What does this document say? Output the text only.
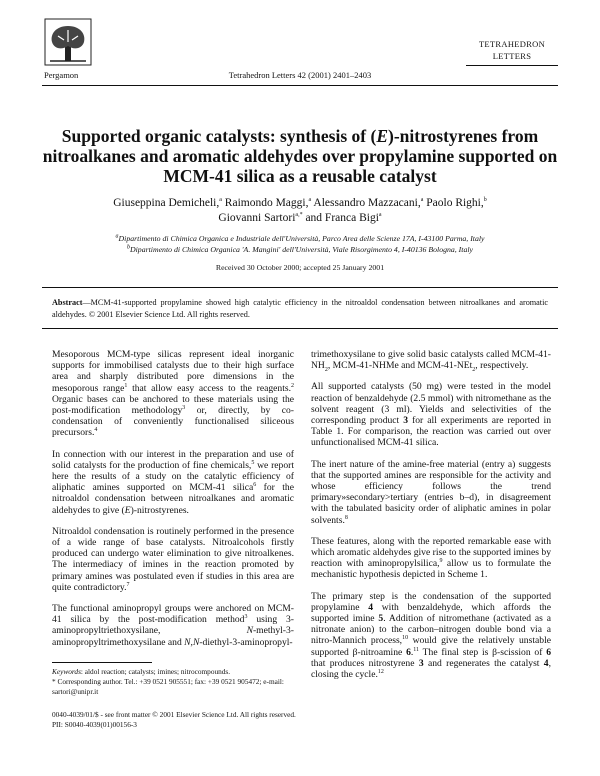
Pergamon	Tetrahedron Letters 42 (2001) 2401–2403
TETRAHEDRON
LETTERS
Supported organic catalysts: synthesis of (E)-nitrostyrenes from nitroalkanes and aromatic aldehydes over propylamine supported on MCM-41 silica as a reusable catalyst
Giuseppina Demicheli,$^a$ Raimondo Maggi,$^a$ Alessandro Mazzacani,$^a$ Paolo Righi,$^b$
Giovanni Sartori$^{a,*}$ and Franca Bigi$^a$
$^a$Dipartimento di Chimica Organica e Industriale dell'Università, Parco Area delle Scienze 17A, I-43100 Parma, Italy
$^b$Dipartimento di Chimica Organica 'A. Mangini' dell'Università, Viale Risorgimento 4, I-40136 Bologna, Italy
Received 30 October 2000; accepted 25 January 2001
Abstract—MCM-41-supported propylamine showed high catalytic efficiency in the nitroaldol condensation between nitroalkanes and aromatic aldehydes. © 2001 Elsevier Science Ltd. All rights reserved.

Mesoporous MCM-type silicas represent ideal inorganic supports for immobilised catalysts due to their high surface area and sharply distributed pore dimensions in the mesoporous range$^1$ that allow easy access to the reagents.$^2$ Organic bases can be anchored to these materials using the post-modification methodology$^3$ or, directly, by co-condensation of conveniently functionalised siliceous precursors.$^4$

In connection with our interest in the preparation and use of solid catalysts for the production of fine chemicals,$^5$ we report here the results of a study on the catalytic efficiency of aliphatic amines supported on MCM-41 silica$^6$ for the nitroaldol condensation between nitroalkanes and aromatic aldehydes to give (E)-nitrostyrenes.

Nitroaldol condensation is routinely performed in the presence of a wide range of base catalysts. Nitroalcohols firstly produced can undergo water elimination to give nitroalkenes. The intermediacy of imines in the reaction promoted by primary amines was postulated even if studies in this area are quite contradictory.$^7$

The functional aminopropyl groups were anchored on MCM-41 silica by the post-modification method$^3$ using 3-aminopropyltriethoxysilane, N-methyl-3-aminopropyltrimethoxysilane and N,N-diethyl-3-aminopropyl-

Keywords: aldol reaction; catalysts; imines; nitrocompounds.
* Corresponding author. Tel.: +39 0521 905551; fax: +39 0521 905472; e-mail: sartori@unipr.it
0040-4039/01/$ - see front matter © 2001 Elsevier Science Ltd. All rights reserved.
PII: S0040-4039(01)00156-3

trimethoxysilane to give solid basic catalysts called MCM-$41-NH_2$, MCM-41-NHMe and MCM-41-NEt$_2$, respectively.

All supported catalysts (50 mg) were tested in the model reaction of benzaldehyde (2.5 mmol) with nitromethane as the solvent reagent (3 ml). Yields and selectivities of the corresponding product 3 for all experiments are reported in Table 1. For comparison, the reaction was carried out over unfunctionalised MCM-41 silica.

The inert nature of the amine-free material (entry a) suggests that the supported amines are responsible for the activity and whose efficiency follows the trend primary»secondary>tertiary (entries b–d), in disagreement with the tabulated basicity order of aliphatic amines in polar solvents.$^8$

These features, along with the reported remarkable ease with which aromatic aldehydes give rise to the supported imines by reaction with aminopropylsilica,$^9$ allow us to formulate the mechanistic hypothesis depicted in Scheme 1.

The primary step is the condensation of the supported propylamine 4 with benzaldehyde, which affords the supported imine 5. Addition of nitromethane (activated as a nitronate anion) to the carbon–nitrogen double bond via a nitro-Mannich process,$^{10}$ would give the relatively unstable supported β-nitroamine 6.11 The final step is β-scission of 6 that produces nitrostyrene 3 and regenerates the catalyst 4, closing the cycle.$^{12}$
